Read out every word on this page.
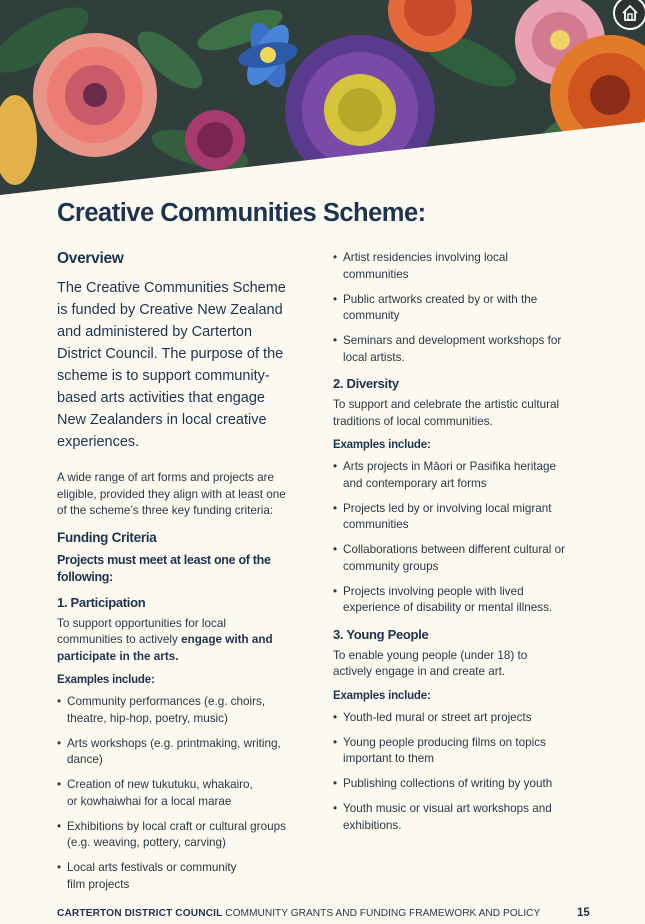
Creative Communities Scheme:
Overview
The Creative Communities Scheme
is funded by Creative New Zealand
and administered by Carterton
District Council. The purpose of the
scheme is to support community-
based arts activities that engage
New Zealanders in local creative
experiences.

A wide range of art forms and projects are
eligible, provided they align with at least one
of the scheme’s three key funding criteria:

Funding Criteria
Projects must meet at least one of the
following:
1. Participation

To support opportunities for local
communities to actively engage with and
participate in the arts.

Examples include:
• Community performances (e.g. choirs,
theatre, hip-hop, poetry, music)
• Arts workshops (e.g. printmaking, writing,
dance)
• Creation of new tukutuku, whakairo,
or kowhaiwhai for a local marae
• Exhibitions by local craft or cultural groups
(e.g. weaving, pottery, carving)
• Local arts festivals or community
film projects
• Artist residencies involving local
communities
• Public artworks created by or with the
community
• Seminars and development workshops for
local artists.
2. Diversity

To support and celebrate the artistic cultural
traditions of local communities.

Examples include:
• Arts projects in Māori or Pasifika heritage
and contemporary art forms
• Projects led by or involving local migrant
communities
• Collaborations between different cultural or
community groups
• Projects involving people with lived
experience of disability or mental illness.
3. Young People

To enable young people (under 18) to
actively engage in and create art.

Examples include:
• Youth-led mural or street art projects
• Young people producing films on topics
important to them
• Publishing collections of writing by youth
• Youth music or visual art workshops and
exhibitions.
CARTERTON DISTRICT COUNCIL COMMUNITY GRANTS AND FUNDING FRAMEWORK AND POLICY	15
